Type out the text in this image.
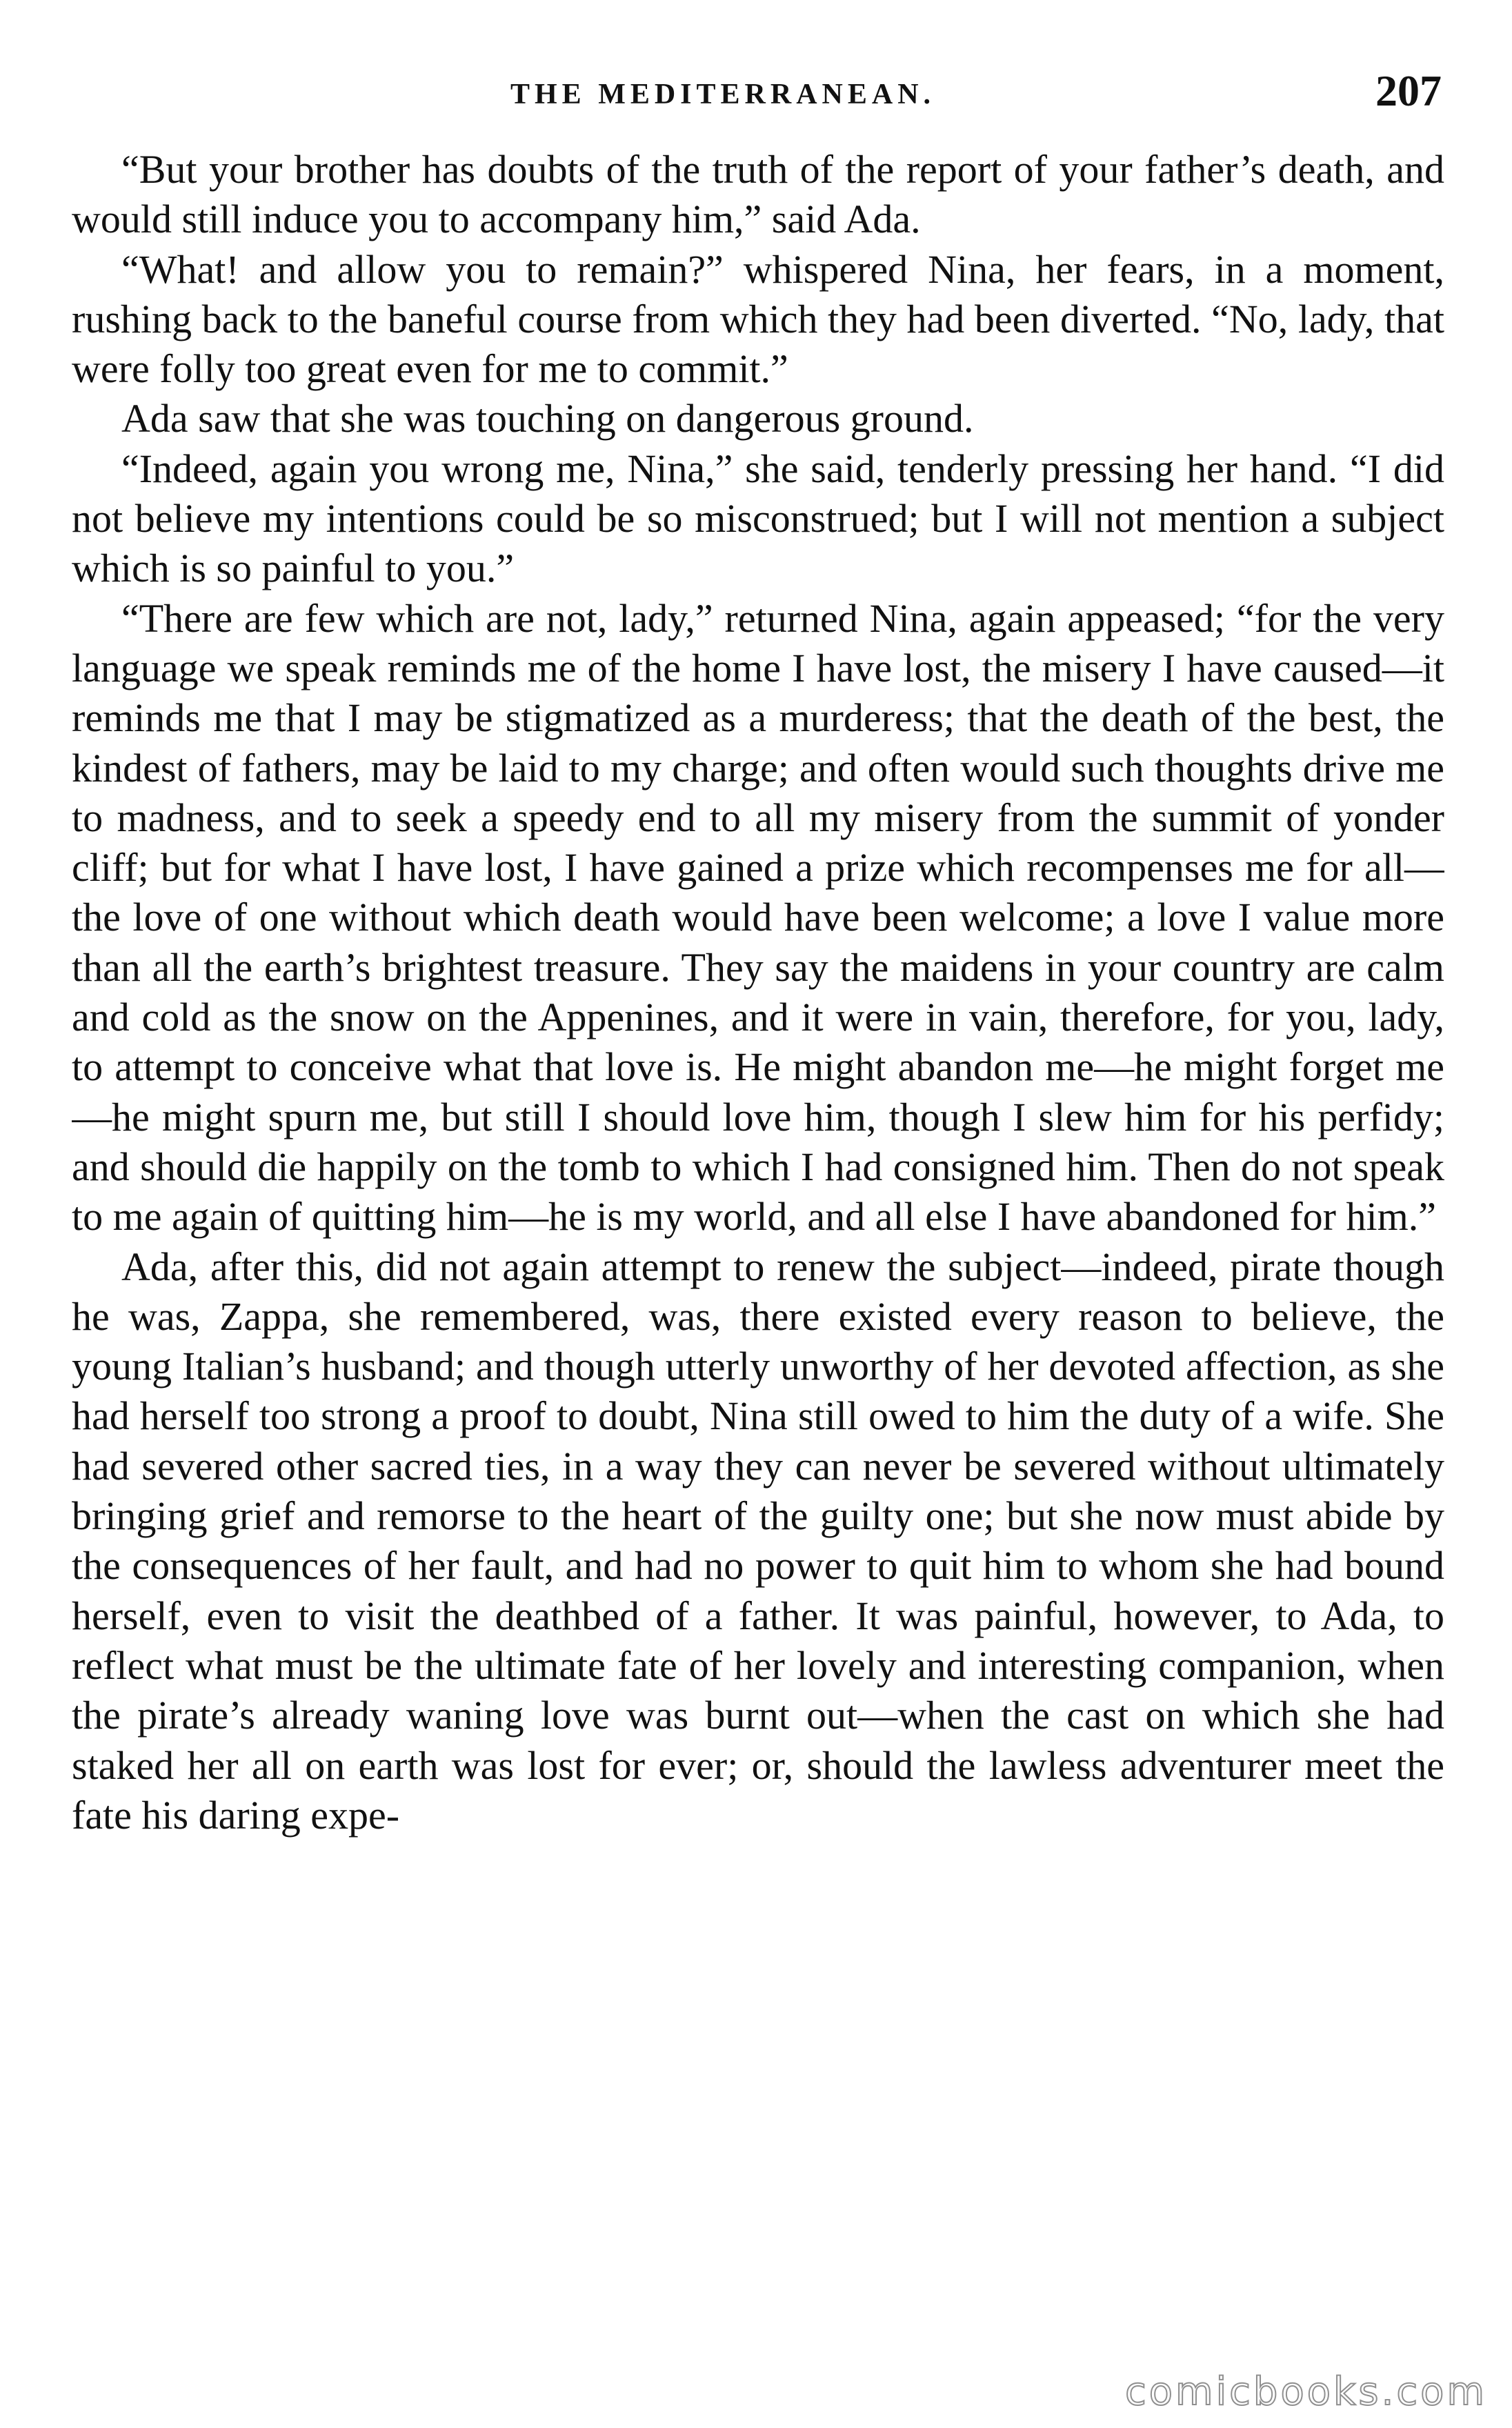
THE MEDITERRANEAN.	207

“But your brother has doubts of the truth of the report of your father’s death, and would still induce you to accompany him,” said Ada.

“What! and allow you to remain?” whispered Nina, her fears, in a moment, rushing back to the baneful course from which they had been diverted. “No, lady, that were folly too great even for me to commit.”

Ada saw that she was touching on dangerous ground.

“Indeed, again you wrong me, Nina,” she said, tenderly pressing her hand. “I did not believe my intentions could be so misconstrued; but I will not mention a subject which is so painful to you.”

“There are few which are not, lady,” returned Nina, again appeased; “for the very language we speak reminds me of the home I have lost, the misery I have caused—it reminds me that I may be stigmatized as a murderess; that the death of the best, the kindest of fathers, may be laid to my charge; and often would such thoughts drive me to madness, and to seek a speedy end to all my misery from the summit of yonder cliff; but for what I have lost, I have gained a prize which recompenses me for all—the love of one without which death would have been welcome; a love I value more than all the earth’s brightest treasure. They say the maidens in your country are calm and cold as the snow on the Appenines, and it were in vain, therefore, for you, lady, to attempt to conceive what that love is. He might abandon me—he might forget me—he might spurn me, but still I should love him, though I slew him for his perfidy; and should die happily on the tomb to which I had consigned him. Then do not speak to me again of quitting him—he is my world, and all else I have abandoned for him.”

Ada, after this, did not again attempt to renew the subject—indeed, pirate though he was, Zappa, she remembered, was, there existed every reason to believe, the young Italian’s husband; and though utterly unworthy of her devoted affection, as she had herself too strong a proof to doubt, Nina still owed to him the duty of a wife. She had severed other sacred ties, in a way they can never be severed without ultimately bringing grief and remorse to the heart of the guilty one; but she now must abide by the consequences of her fault, and had no power to quit him to whom she had bound herself, even to visit the deathbed of a father. It was painful, however, to Ada, to reflect what must be the ultimate fate of her lovely and interesting companion, when the pirate’s already waning love was burnt out—when the cast on which she had staked her all on earth was lost for ever; or, should the lawless adventurer meet the fate his daring expe-

comicbooks.com
